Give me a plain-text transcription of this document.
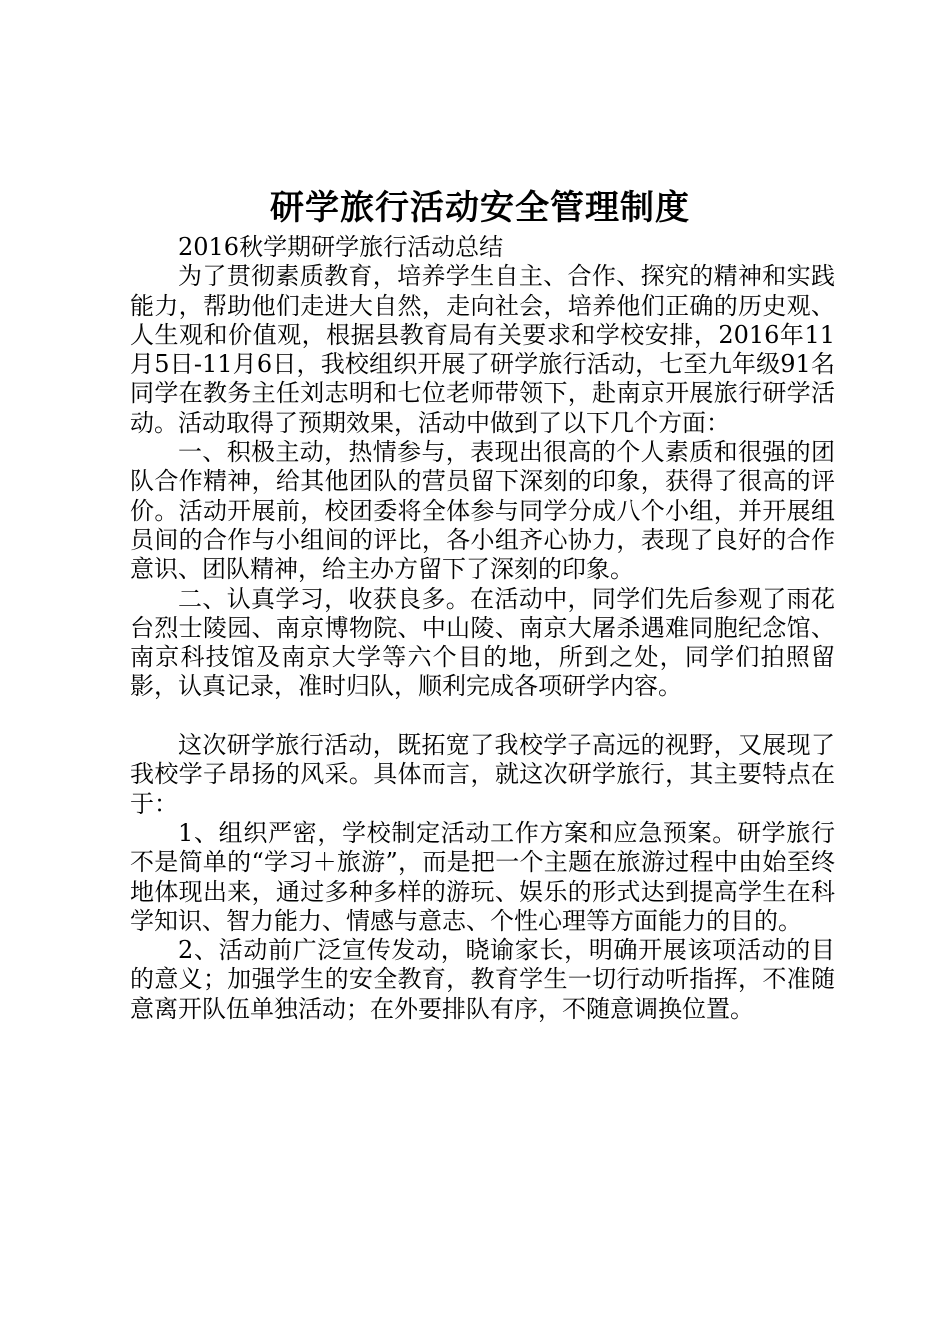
研学旅行活动安全管理制度

2016秋学期研学旅行活动总结

为了贯彻素质教育，培养学生自主、合作、探究的精神和实践能力，帮助他们走进大自然，走向社会，培养他们正确的历史观、人生观和价值观，根据县教育局有关要求和学校安排，2016年11月5日-11月6日，我校组织开展了研学旅行活动，七至九年级91名同学在教务主任刘志明和七位老师带领下，赴南京开展旅行研学活动。活动取得了预期效果，活动中做到了以下几个方面：

一、积极主动，热情参与，表现出很高的个人素质和很强的团队合作精神，给其他团队的营员留下深刻的印象，获得了很高的评价。活动开展前，校团委将全体参与同学分成八个小组，并开展组员间的合作与小组间的评比，各小组齐心协力，表现了良好的合作意识、团队精神，给主办方留下了深刻的印象。

二、认真学习，收获良多。在活动中，同学们先后参观了雨花台烈士陵园、南京博物院、中山陵、南京大屠杀遇难同胞纪念馆、南京科技馆及南京大学等六个目的地，所到之处，同学们拍照留影，认真记录，准时归队，顺利完成各项研学内容。

这次研学旅行活动，既拓宽了我校学子高远的视野，又展现了我校学子昂扬的风采。具体而言，就这次研学旅行，其主要特点在于：

1、组织严密，学校制定活动工作方案和应急预案。研学旅行不是简单的“学习＋旅游”，而是把一个主题在旅游过程中由始至终地体现出来，通过多种多样的游玩、娱乐的形式达到提高学生在科学知识、智力能力、情感与意志、个性心理等方面能力的目的。

2、活动前广泛宣传发动，晓谕家长，明确开展该项活动的目的意义；加强学生的安全教育，教育学生一切行动听指挥，不准随意离开队伍单独活动；在外要排队有序，不随意调换位置。
